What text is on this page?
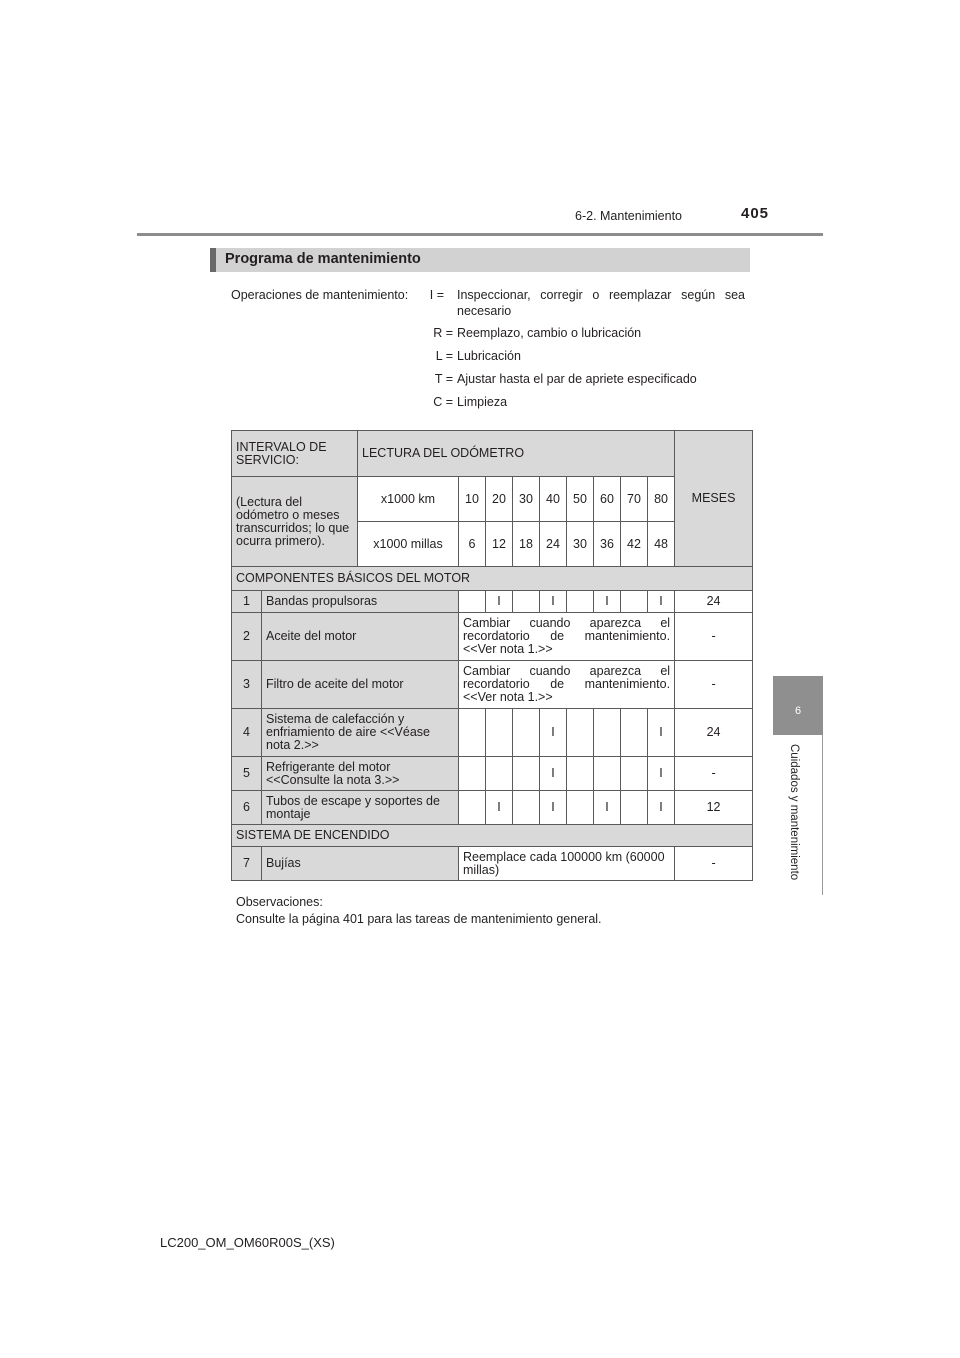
6-2. Mantenimiento	405
6
Cuidados y mantenimiento
Programa de mantenimiento
Operaciones de mantenimiento:	I = Inspeccionar, corregir o reemplazar según sea necesario
R = Reemplazo, cambio o lubricación
L = Lubricación
T = Ajustar hasta el par de apriete especificado
C = Limpieza
INTERVALO DE SERVICIO:		LECTURA DEL ODÓMETRO									MESES
(Lectura del odómetro o meses transcurridos; lo que ocurra primero).		x1000 km	10	20	30	40	50	60	70	80	
		x1000 millas	6	12	18	24	30	36	42	48	
COMPONENTES BÁSICOS DEL MOTOR											
1	Bandas propulsoras			I		I		I		I	24
2	Aceite del motor		Cambiar cuando aparezca el recordatorio de mantenimiento. <<Ver nota 1.>>								-
3	Filtro de aceite del motor		Cambiar cuando aparezca el recordatorio de mantenimiento. <<Ver nota 1.>>								-
4	Sistema de calefacción y enfriamiento de aire <<Véase nota 2.>>					I				I	24
5	Refrigerante del motor <<Consulte la nota 3.>>					I				I	-
6	Tubos de escape y soportes de montaje			I		I		I		I	12
SISTEMA DE ENCENDIDO											
7	Bujías		Reemplace cada 100000 km (60000 millas)								-
Observaciones:
Consulte la página 401 para las tareas de mantenimiento general.
LC200_OM_OM60R00S_(XS)
